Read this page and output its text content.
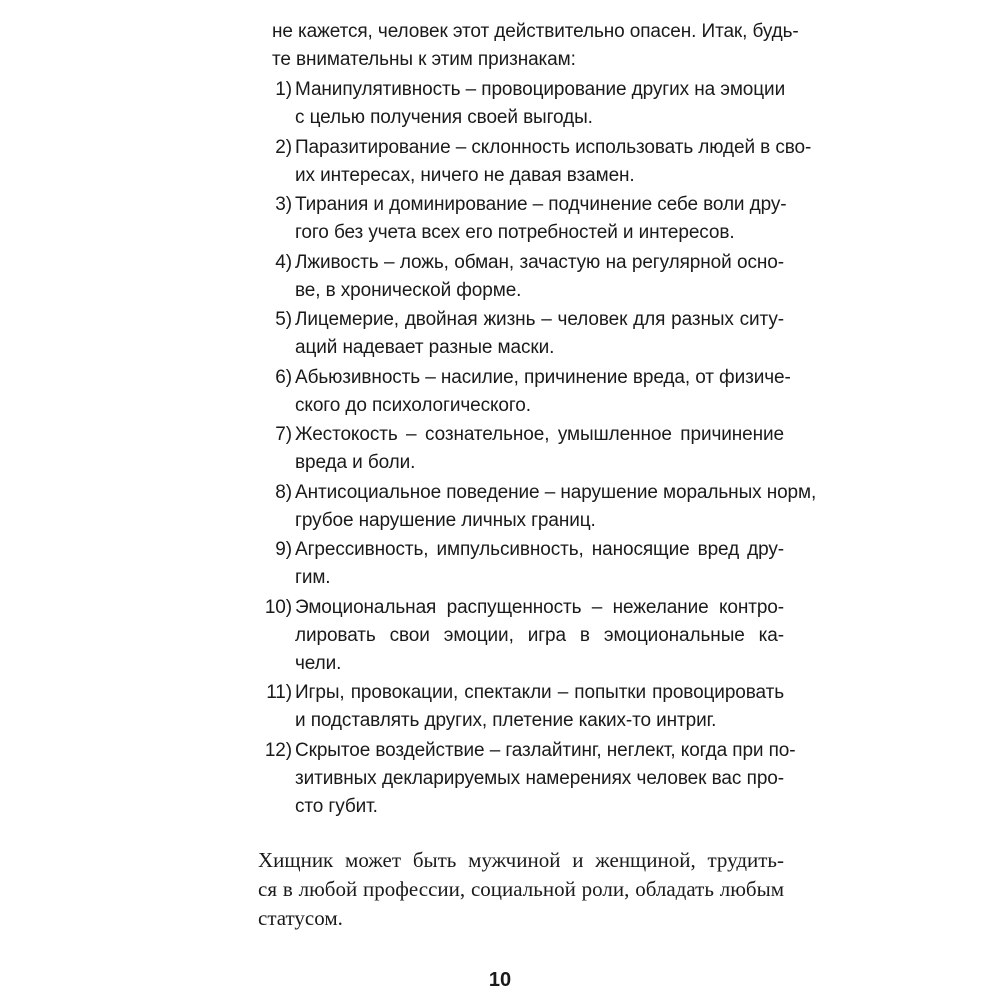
не кажется, человек этот действительно опасен. Итак, будь-
те внимательны к этим признакам:
1) Манипулятивность – провоцирование других на эмоции
с целью получения своей выгоды.
2) Паразитирование – склонность использовать людей в сво-
их интересах, ничего не давая взамен.
3) Тирания и доминирование – подчинение себе воли дру-
гого без учета всех его потребностей и интересов.
4) Лживость – ложь, обман, зачастую на регулярной осно-
ве, в хронической форме.
5) Лицемерие, двойная жизнь – человек для разных ситу-
аций надевает разные маски.
6) Абьюзивность – насилие, причинение вреда, от физиче-
ского до психологического.
7) Жестокость – сознательное, умышленное причинение
вреда и боли.
8) Антисоциальное поведение – нарушение моральных норм,
грубое нарушение личных границ.
9) Агрессивность, импульсивность, наносящие вред дру-
гим.
10) Эмоциональная распущенность – нежелание контро-
лировать свои эмоции, игра в эмоциональные ка-
чели.
11) Игры, провокации, спектакли – попытки провоцировать
и подставлять других, плетение каких-то интриг.
12) Скрытое воздействие – газлайтинг, неглект, когда при по-
зитивных декларируемых намерениях человек вас про-
сто губит.
Хищник может быть мужчиной и женщиной, трудить-
ся в любой профессии, социальной роли, обладать любым
статусом.
10
